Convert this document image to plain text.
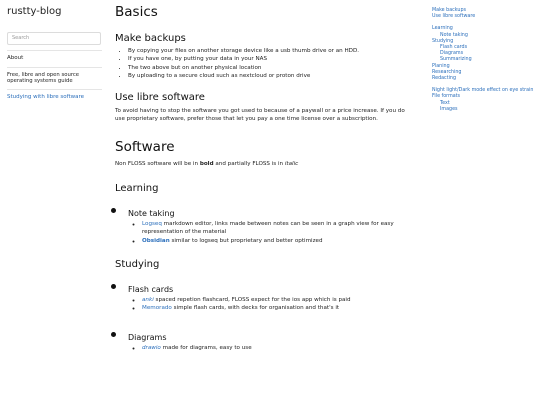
rustty-blog
Search
About
Free, libre and open source operating systems guide
Studying with libre software
Basics
Make backups
• By copying your files on another storage device like a usb thumb drive or an HDD.
• If you have one, by putting your data in your NAS
• The two above but on another physical location
• By uploading to a secure cloud such as nextcloud or proton drive
Use libre software

To avoid having to stop the software you got used to because of a paywall or a price increase. If you do use proprietary software, prefer those that let you pay a one time license over a subscription.

Software

Non FLOSS software will be in bold and partially FLOSS is in italic

Learning
• Note taking
◦ Logseq markdown editor, links made between notes can be seen in a graph view for easy representation of the material
◦ Obsidian similar to logseq but proprietary and better optimized
Studying
• Flash cards
◦ anki spaced repetion flashcard, FLOSS expect for the ios app which is paid
◦ Memorado simple flash cards, with decks for organisation and that's it
• Diagrams
◦ drawio made for diagrams, easy to use
Make backups
Use libre software
Learning
Note taking
Studying
Flash cards
Diagrams
Summarizing
Planing
Researching
Redacting
Night light/Dark mode effect on eye strain
File formats
Text
Images
